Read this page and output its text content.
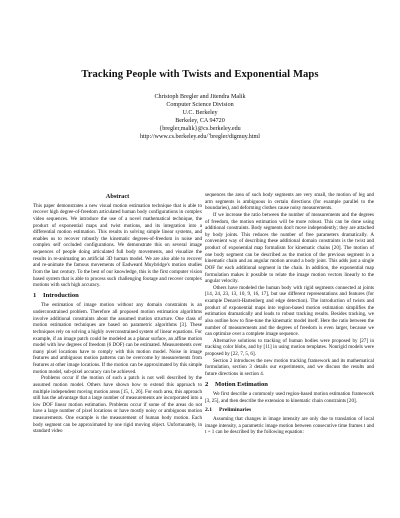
Tracking People with Twists and Exponential Maps
Christoph Bregler and Jitendra Malik
Computer Science Division
U.C. Berkeley
Berkeley, CA 94720
{bregler,malik}@cs.berkeley.edu
http://www.cs.berkeley.edu/˜bregler/digmuy.html
Abstract

This paper demonstrates a new visual motion estimation technique that is able to recover high degree-of-freedom articulated human body configurations in complex video sequences. We introduce the use of a novel mathematical technique, the product of exponential maps and twist motions, and its integration into a differential motion estimation. This results in solving simple linear systems, and enables us to recover robustly the kinematic degrees-of-freedom in noise and complex self occluded configurations. We demonstrate this on several image sequences of people doing articulated full body movements, and visualize the results in re-animating an artificial 3D human model. We are also able to recover and re-animate the famous movements of Eadweard Muybridge's motion studies from the last century. To the best of our knowledge, this is the first computer vision based system that is able to process such challenging footage and recover complex motions with such high accuracy.

1 Introduction

The estimation of image motion without any domain constraints is an underconstrained problem. Therefore all proposed motion estimation algorithms involve additional constraints about the assumed motion structure. One class of motion estimation techniques are based on parametric algorithms [3]. These techniques rely on solving a highly overconstrained system of linear equations. For example, if an image patch could be modeled as a planar surface, an affine motion model with low degrees of freedom (6 DOF) can be estimated. Measurements over many pixel locations have to comply with this motion model. Noise in image features and ambiguous motion patterns can be overcome by measurements from features at other image locations. If the motion can be approximated by this simple motion model, sub-pixel accuracy can be achieved.

Problems occur if the motion of such a patch is not well described by the assumed motion model. Others have shown how to extend this approach to multiple independent moving motion areas [15, 1, 26]. For each area, this approach still has the advantage that a large number of measurements are incorporated into a low DOF linear motion estimation. Problems occur if some of the areas do not have a large number of pixel locations or have mostly noisy or ambiguous motion measurements. One example is the measurement of human body motion. Each body segment can be approximated by one rigid moving object. Unfortunately, in standard video

sequences the area of such body segments are very small, the motion of leg and arm segments is ambiguous in certain directions (for example parallel to the boundaries), and deforming clothes cause noisy measurements.

If we increase the ratio between the number of measurements and the degrees of freedom, the motion estimation will be more robust. This can be done using additional constraints. Body segments don't move independently; they are attached by body joints. This reduces the number of free parameters dramatically. A convenient way of describing these additional domain constraints is the twist and product of exponential map formalism for kinematic chains [20]. The motion of one body segment can be described as the motion of the previous segment in a kinematic chain and an angular motion around a body joint. This adds just a single DOF for each additional segment in the chain. In addition, the exponential map formulation makes it possible to relate the image motion vectors linearly to the angular velocity.

Others have modeled the human body with rigid segments connected at joints [14, 24, 23, 13, 10, 9, 16, 17], but use different representations and features (for example Denavit-Hartenberg and edge detection). The introduction of twists and product of exponential maps into region-based motion estimation simplifies the estimation dramatically and leads to robust tracking results. Besides tracking, we also outline how to fine-tune the kinematic model itself. Here the ratio between the number of measurements and the degrees of freedom is even larger, because we can optimize over a complete image sequence.

Alternative solutions to tracking of human bodies were proposed by [27] in tracking color blobs, and by [11] in using motion templates. Nonrigid models were proposed by [22, 7, 5, 6].

Section 2 introduces the new motion tracking framework and its mathematical formulation, section 3 details our experiments, and we discuss the results and future directions in section 4.

2 Motion Estimation

We first describe a commonly used region-based motion estimation framework [3, 25], and then describe the extension to kinematic chain constraints [20].

2.1 Preliminaries

Assuming that changes in image intensity are only due to translation of local image intensity, a parametric image motion between consecutive time frames t and t + 1 can be described by the following equation:
